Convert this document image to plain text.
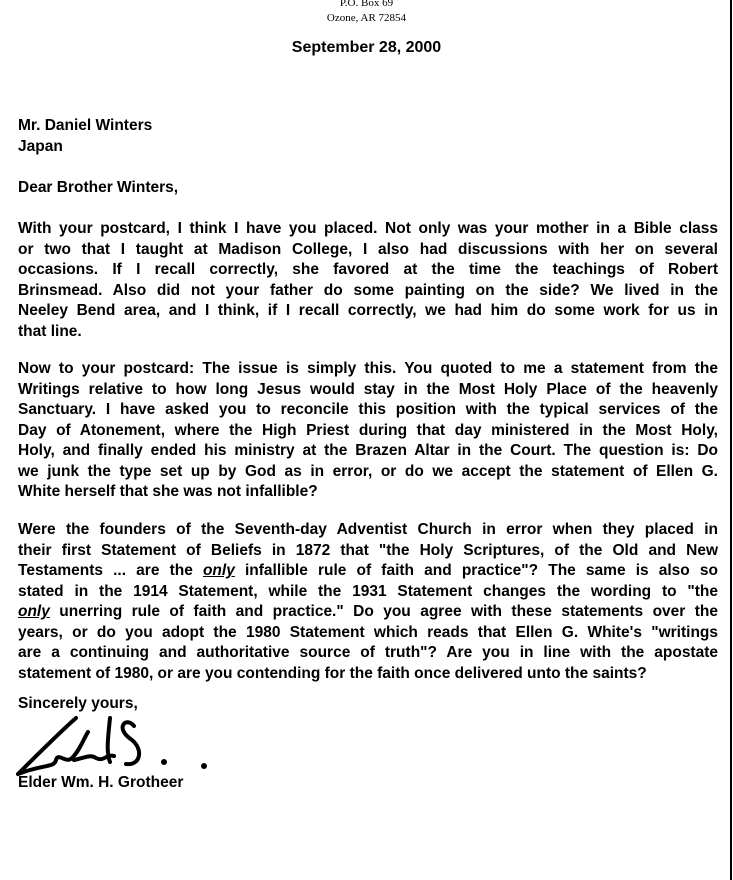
P.O. Box 69
Ozone, AR 72854
September 28, 2000
Mr. Daniel Winters
Japan
Dear Brother Winters,
With your postcard, I think I have you placed. Not only was your mother in a Bible class
or two that I taught at Madison College, I also had discussions with her on several
occasions. If I recall correctly, she favored at the time the teachings of Robert
Brinsmead. Also did not your father do some painting on the side? We lived in the
Neeley Bend area, and I think, if I recall correctly, we had him do some work for us in
that line.
Now to your postcard: The issue is simply this. You quoted to me a statement from the
Writings relative to how long Jesus would stay in the Most Holy Place of the heavenly
Sanctuary. I have asked you to reconcile this position with the typical services of the
Day of Atonement, where the High Priest during that day ministered in the Most Holy,
Holy, and finally ended his ministry at the Brazen Altar in the Court. The question is: Do
we junk the type set up by God as in error, or do we accept the statement of Ellen G.
White herself that she was not infallible?
Were the founders of the Seventh-day Adventist Church in error when they placed in
their first Statement of Beliefs in 1872 that "the Holy Scriptures, of the Old and New
Testaments ... are the only infallible rule of faith and practice"? The same is also so
stated in the 1914 Statement, while the 1931 Statement changes the wording to "the
only unerring rule of faith and practice." Do you agree with these statements over the
years, or do you adopt the 1980 Statement which reads that Ellen G. White's "writings
are a continuing and authoritative source of truth"? Are you in line with the apostate
statement of 1980, or are you contending for the faith once delivered unto the saints?
Sincerely yours,
Elder Wm. H. Grotheer
